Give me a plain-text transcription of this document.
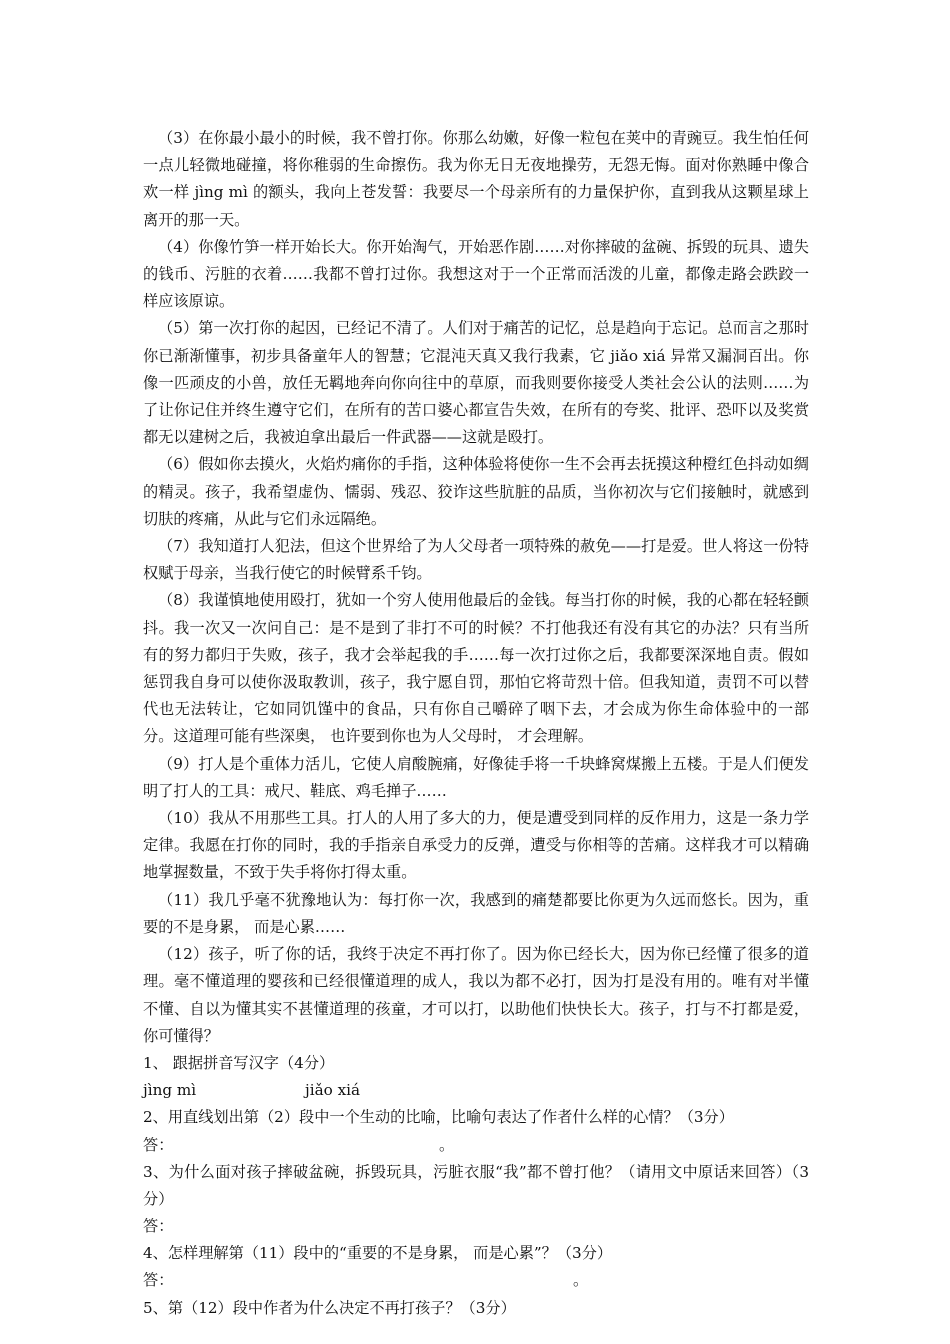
（3）在你最小最小的时候，我不曾打你。你那么幼嫩，好像一粒包在荚中的青豌豆。我生怕任何一点儿轻微地碰撞，将你稚弱的生命擦伤。我为你无日无夜地操劳，无怨无悔。面对你熟睡中像合欢一样 jìng mì 的额头，我向上苍发誓：我要尽一个母亲所有的力量保护你，直到我从这颗星球上离开的那一天。

（4）你像竹笋一样开始长大。你开始淘气，开始恶作剧……对你摔破的盆碗、拆毁的玩具、遗失的钱币、污脏的衣着……我都不曾打过你。我想这对于一个正常而活泼的儿童，都像走路会跌跤一样应该原谅。

（5）第一次打你的起因，已经记不清了。人们对于痛苦的记忆，总是趋向于忘记。总而言之那时你已渐渐懂事，初步具备童年人的智慧；它混沌天真又我行我素，它 jiǎo xiá 异常又漏洞百出。你像一匹顽皮的小兽，放任无羁地奔向你向往中的草原，而我则要你接受人类社会公认的法则……为了让你记住并终生遵守它们，在所有的苦口婆心都宣告失效，在所有的夸奖、批评、恐吓以及奖赏都无以建树之后，我被迫拿出最后一件武器——这就是殴打。

（6）假如你去摸火，火焰灼痛你的手指，这种体验将使你一生不会再去抚摸这种橙红色抖动如绸的精灵。孩子，我希望虚伪、懦弱、残忍、狡诈这些肮脏的品质，当你初次与它们接触时，就感到切肤的疼痛，从此与它们永远隔绝。

（7）我知道打人犯法，但这个世界给了为人父母者一项特殊的赦免——打是爱。世人将这一份特权赋于母亲，当我行使它的时候臂系千钧。

（8）我谨慎地使用殴打，犹如一个穷人使用他最后的金钱。每当打你的时候，我的心都在轻轻颤抖。我一次又一次问自己：是不是到了非打不可的时候？不打他我还有没有其它的办法？只有当所有的努力都归于失败，孩子，我才会举起我的手……每一次打过你之后，我都要深深地自责。假如惩罚我自身可以使你汲取教训，孩子，我宁愿自罚，那怕它将苛烈十倍。但我知道，责罚不可以替代也无法转让，它如同饥馑中的食品，只有你自己嚼碎了咽下去，才会成为你生命体验中的一部分。这道理可能有些深奥， 也许要到你也为人父母时， 才会理解。

（9）打人是个重体力活儿，它使人肩酸腕痛，好像徒手将一千块蜂窝煤搬上五楼。于是人们便发明了打人的工具：戒尺、鞋底、鸡毛掸子……

（10）我从不用那些工具。打人的人用了多大的力，便是遭受到同样的反作用力，这是一条力学定律。我愿在打你的同时，我的手指亲自承受力的反弹，遭受与你相等的苦痛。这样我才可以精确地掌握数量，不致于失手将你打得太重。

（11）我几乎毫不犹豫地认为：每打你一次，我感到的痛楚都要比你更为久远而悠长。因为，重要的不是身累， 而是心累……

（12）孩子，听了你的话，我终于决定不再打你了。因为你已经长大，因为你已经懂了很多的道理。毫不懂道理的婴孩和已经很懂道理的成人，我以为都不必打，因为打是没有用的。唯有对半懂不懂、自以为懂其实不甚懂道理的孩童，才可以打，以助他们快快长大。孩子，打与不打都是爱， 你可懂得？

1、 跟据拼音写汉字（4分）

jìng mì	jiǎo xiá

2、用直线划出第（2）段中一个生动的比喻，比喻句表达了作者什么样的心情？（3分）

答：	。

3、为什么面对孩子摔破盆碗，拆毁玩具，污脏衣服“我”都不曾打他？（请用文中原话来回答）（3分）

答：

4、怎样理解第（11）段中的“重要的不是身累， 而是心累”？（3分）

答：	。

5、第（12）段中作者为什么决定不再打孩子？（3分）
